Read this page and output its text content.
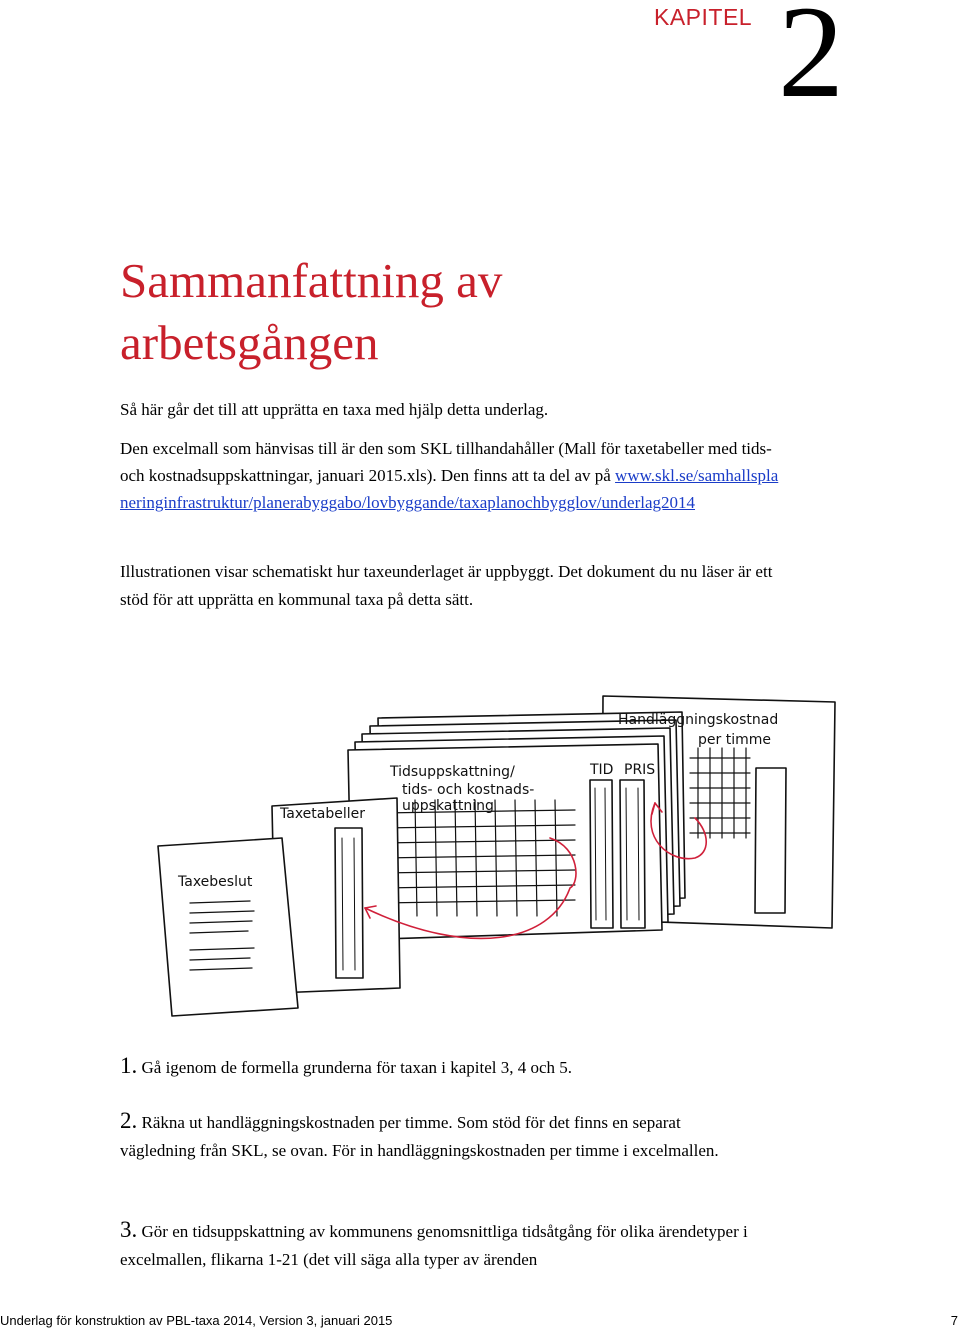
KAPITEL 2
Sammanfattning av arbetsgången

Så här går det till att upprätta en taxa med hjälp detta underlag.

Den excelmall som hänvisas till är den som SKL tillhandahåller (Mall för taxetabeller med tids- och kostnadsuppskattningar, januari 2015.xls). Den finns att ta del av på www.skl.se/samhallsplaneringinfrastruktur/planerabyggabo/lovbyggande/taxaplanochbygglov/underlag2014

Illustrationen visar schematiskt hur taxeunderlaget är uppbyggt. Det dokument du nu läser är ett stöd för att upprätta en kommunal taxa på detta sätt.

Handläggningskostnad
per timme
Tidsuppskattning/
tids- och kostnads-
uppskattning
TID PRIS
Taxetabeller
Taxebeslut

1. Gå igenom de formella grunderna för taxan i kapitel 3, 4 och 5.

2. Räkna ut handläggningskostnaden per timme. Som stöd för det finns en separat vägledning från SKL, se ovan. För in handläggningskostnaden per timme i excelmallen.

3. Gör en tidsuppskattning av kommunens genomsnittliga tidsåtgång för olika ärendetyper i excelmallen, flikarna 1-21 (det vill säga alla typer av ärenden

Underlag för konstruktion av PBL-taxa 2014, Version 3, januari 2015	7
